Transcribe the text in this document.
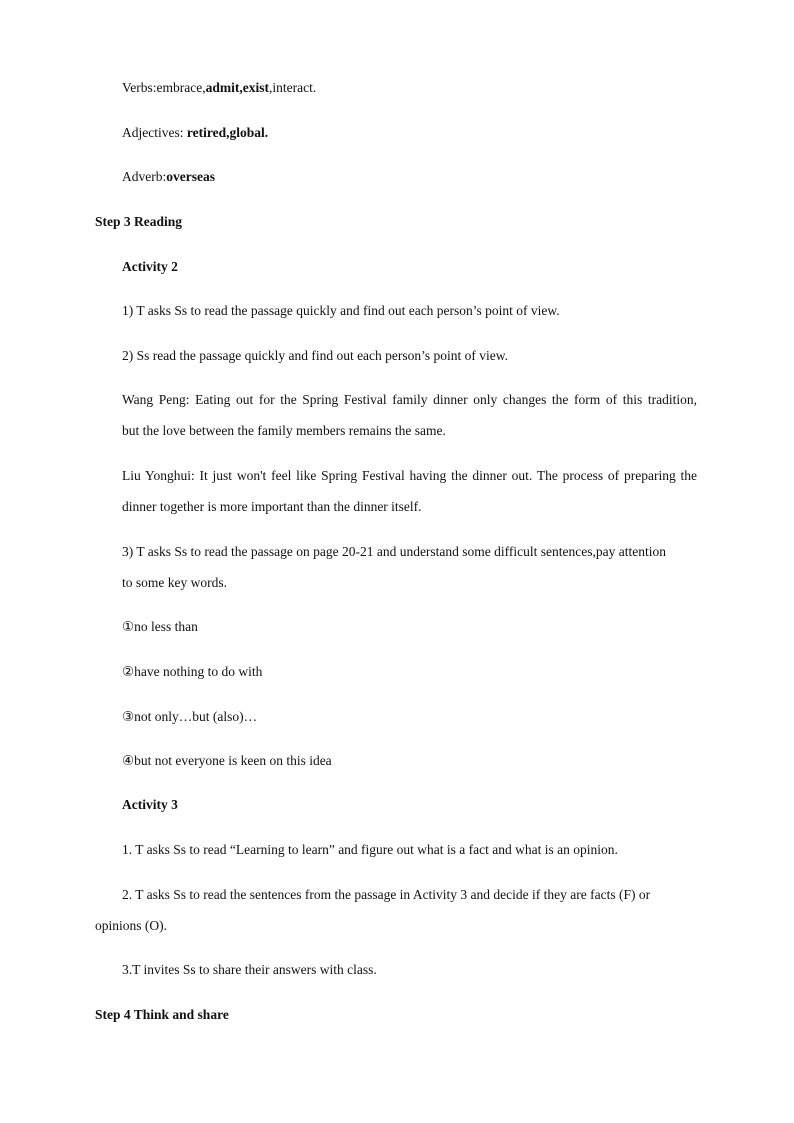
Verbs:embrace,admit,exist,interact.
Adjectives: retired,global.
Adverb:overseas
Step 3 Reading
Activity 2
1) T asks Ss to read the passage quickly and find out each person’s point of view.
2) Ss read the passage quickly and find out each person’s point of view.
Wang Peng: Eating out for the Spring Festival family dinner only changes the form of this tradition,
but the love between the family members remains the same.
Liu Yonghui: It just won't feel like Spring Festival having the dinner out. The process of preparing the
dinner together is more important than the dinner itself.
3) T asks Ss to read the passage on page 20-21 and understand some difficult sentences,pay attention
to some key words.
①no less than
②have nothing to do with
③not only…but (also)…
④but not everyone is keen on this idea
Activity 3
1. T asks Ss to read “Learning to learn” and figure out what is a fact and what is an opinion.
2. T asks Ss to read the sentences from the passage in Activity 3 and decide if they are facts (F) or
opinions (O).
3.T invites Ss to share their answers with class.
Step 4 Think and share
